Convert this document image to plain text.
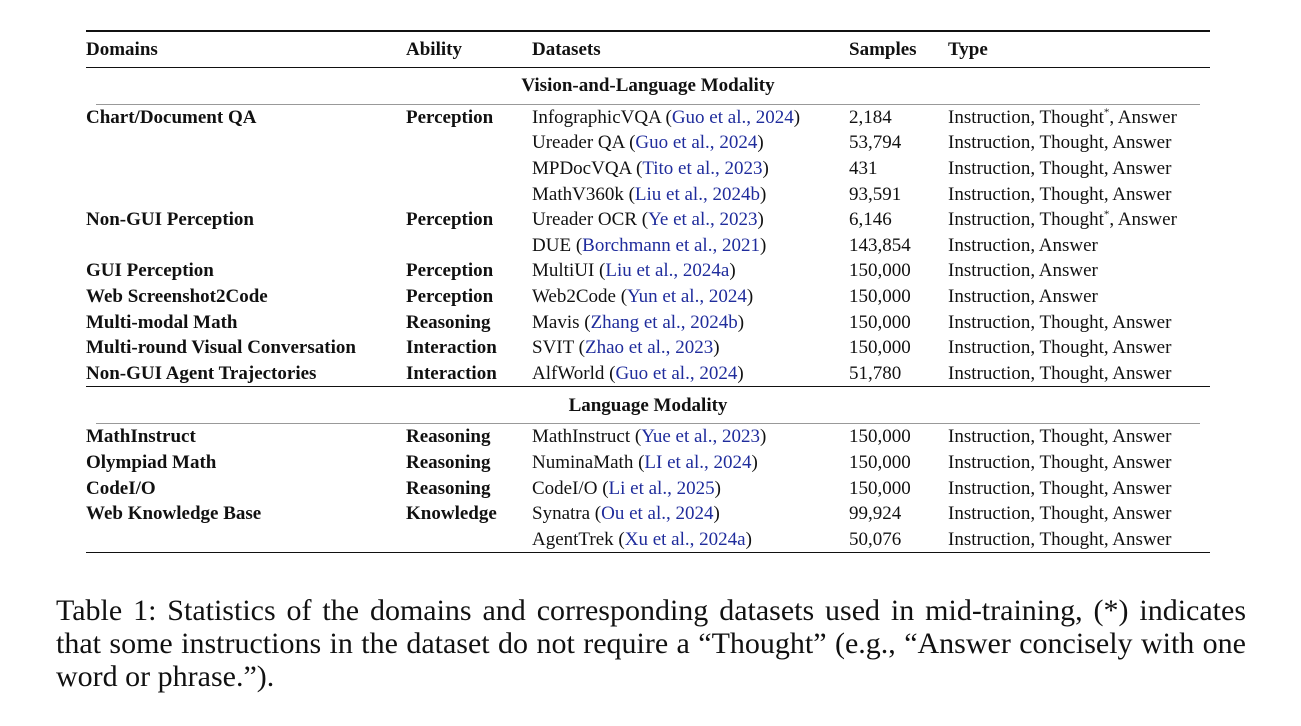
Domains	Ability	Datasets	Samples	Type
Vision-and-Language Modality				

Chart/Document QA	Perception	InfographicVQA (Guo et al., 2024)	2,184	Instruction, Thought*, Answer
		Ureader QA (Guo et al., 2024)	53,794	Instruction, Thought, Answer
		MPDocVQA (Tito et al., 2023)	431	Instruction, Thought, Answer
		MathV360k (Liu et al., 2024b)	93,591	Instruction, Thought, Answer
Non-GUI Perception	Perception	Ureader OCR (Ye et al., 2023)	6,146	Instruction, Thought*, Answer
		DUE (Borchmann et al., 2021)	143,854	Instruction, Answer
GUI Perception	Perception	MultiUI (Liu et al., 2024a)	150,000	Instruction, Answer
Web Screenshot2Code	Perception	Web2Code (Yun et al., 2024)	150,000	Instruction, Answer
Multi-modal Math	Reasoning	Mavis (Zhang et al., 2024b)	150,000	Instruction, Thought, Answer
Multi-round Visual Conversation	Interaction	SVIT (Zhao et al., 2023)	150,000	Instruction, Thought, Answer
Non-GUI Agent Trajectories	Interaction	AlfWorld (Guo et al., 2024)	51,780	Instruction, Thought, Answer
Language Modality				

MathInstruct	Reasoning	MathInstruct (Yue et al., 2023)	150,000	Instruction, Thought, Answer
Olympiad Math	Reasoning	NuminaMath (LI et al., 2024)	150,000	Instruction, Thought, Answer
CodeI/O	Reasoning	CodeI/O (Li et al., 2025)	150,000	Instruction, Thought, Answer
Web Knowledge Base	Knowledge	Synatra (Ou et al., 2024)	99,924	Instruction, Thought, Answer
		AgentTrek (Xu et al., 2024a)	50,076	Instruction, Thought, Answer
Table 1: Statistics of the domains and corresponding datasets used in mid-training, (*) indicates that some instructions in the dataset do not require a “Thought” (e.g., “Answer concisely with one word or phrase.”).
